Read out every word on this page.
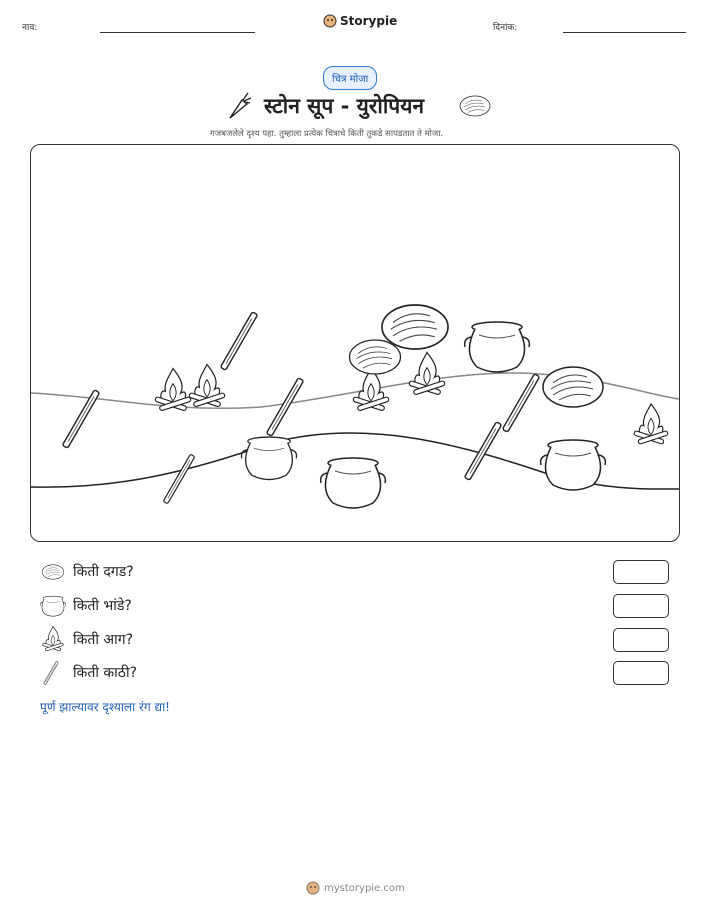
नाव:	Storypie	दिनांक:
चित्र मोजा
स्टोन सूप - युरोपियन
गजबजलेले दृश्य पहा. तुम्हाला प्रत्येक चित्राचे किती तुकडे सापडतात ते मोजा.
किती दगड?
किती भांडे?
किती आग?
किती काठी?
पूर्ण झाल्यावर दृश्याला रंग द्या!
mystorypie.com
